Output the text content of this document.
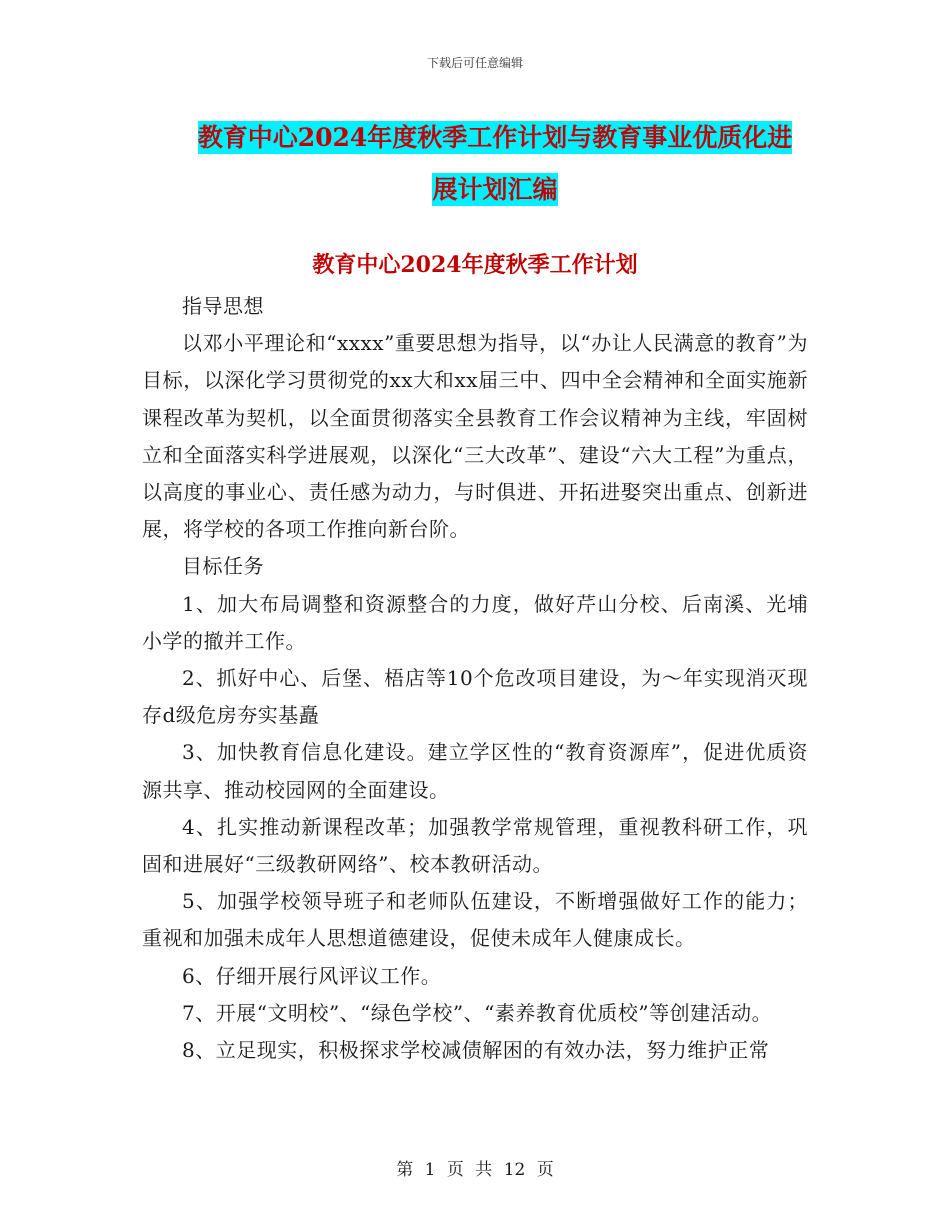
下载后可任意编辑
教育中心2024年度秋季工作计划与教育事业优质化进
展计划汇编
教育中心2024年度秋季工作计划

指导思想

以邓小平理论和“xxxx”重要思想为指导，以“办让人民满意的教育”为目标，以深化学习贯彻党的xx大和xx届三中、四中全会精神和全面实施新课程改革为契机，以全面贯彻落实全县教育工作会议精神为主线，牢固树立和全面落实科学进展观，以深化“三大改革”、建设“六大工程”为重点，以高度的事业心、责任感为动力，与时俱进、开拓进娶突出重点、创新进展，将学校的各项工作推向新台阶。

目标任务

1、加大布局调整和资源整合的力度，做好芹山分校、后南溪、光埔小学的撤并工作。

2、抓好中心、后堡、梧店等10个危改项目建设，为～年实现消灭现存d级危房夯实基矗

3、加快教育信息化建设。建立学区性的“教育资源库”，促进优质资源共享、推动校园网的全面建设。

4、扎实推动新课程改革；加强教学常规管理，重视教科研工作，巩固和进展好“三级教研网络”、校本教研活动。

5、加强学校领导班子和老师队伍建设，不断增强做好工作的能力；重视和加强未成年人思想道德建设，促使未成年人健康成长。

6、仔细开展行风评议工作。

7、开展“文明校”、“绿色学校”、“素养教育优质校”等创建活动。

8、立足现实，积极探求学校减债解困的有效办法，努力维护正常

第 1 页 共 12 页
